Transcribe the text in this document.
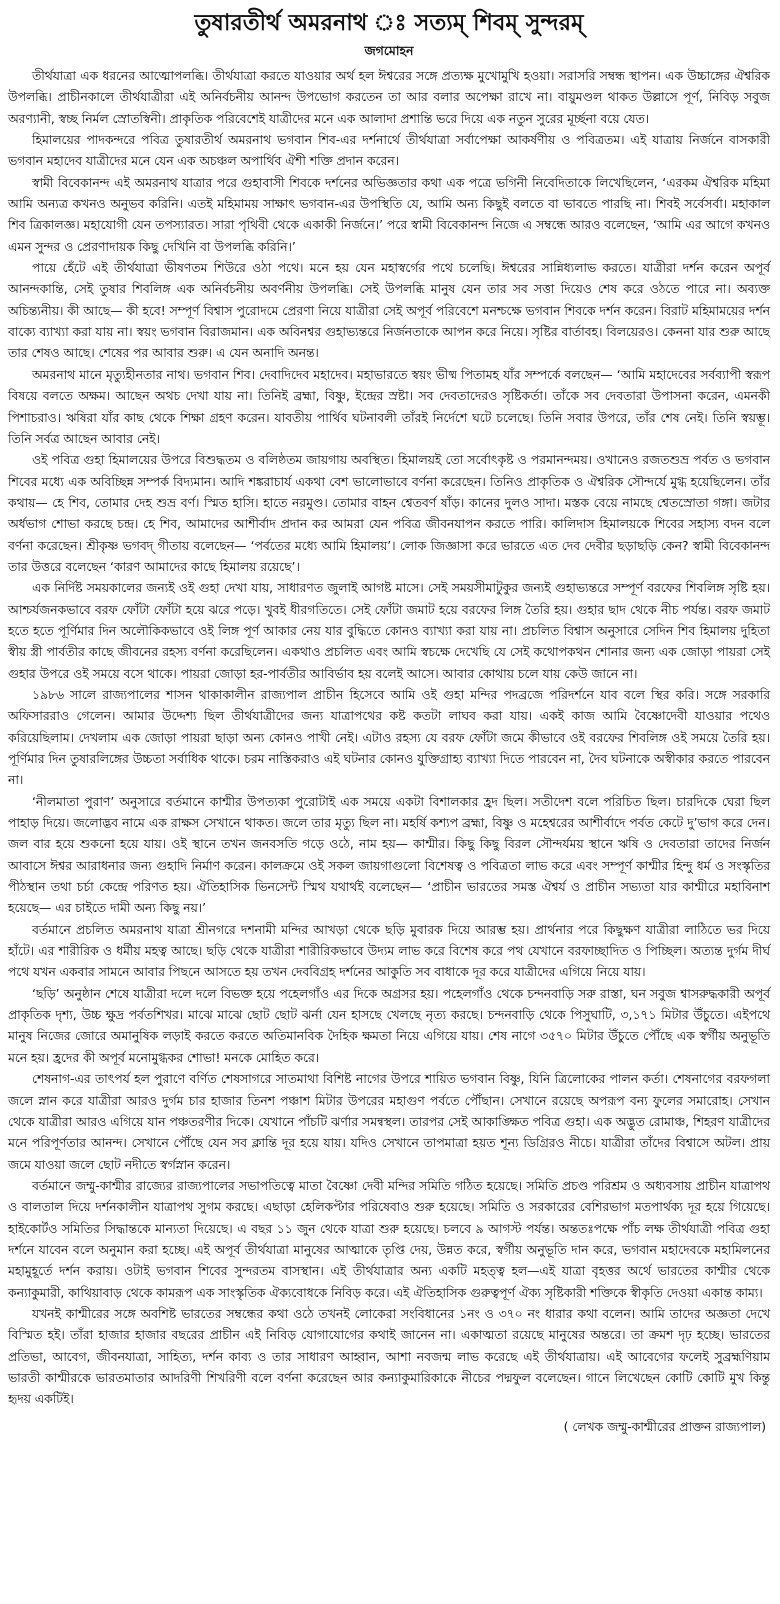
তুষারতীর্থ অমরনাথ ঃ সত্যম্ শিবম্ সুন্দরম্
জগমোহন

তীর্থযাত্রা এক ধরনের আত্মোপলব্ধি। তীর্থযাত্রা করতে যাওয়ার অর্থ হল ঈশ্বরের সঙ্গে প্রত্যক্ষ মুখোমুখি হওয়া। সরাসরি সম্বন্ধ স্থাপন। এক উচ্চাঙ্গের ঐশ্বরিক উপলব্ধি। প্রাচীনকালে তীর্থযাত্রীরা এই অনির্বচনীয় আনন্দ উপভোগ করতেন তা আর বলার অপেক্ষা রাখে না। বায়ুমণ্ডল থাকত উল্লাসে পূর্ণ, নিবিড় সবুজ অরণ্যানী, স্বচ্ছ নির্মল স্রোতস্বিনী। প্রাকৃতিক পরিবেশেই যাত্রীদের মনে এক আলাদা প্রশান্তি ভরে দিয়ে এক নতুন সুরের মূর্চ্ছনা বয়ে যেত।

হিমালয়ের পাদকন্দরে পবিত্র তুষারতীর্থ অমরনাথ ভগবান শিব-এর দর্শনার্থে তীর্থযাত্রা সর্বাপেক্ষা আকর্ষণীয় ও পবিত্রতম। এই যাত্রায় নির্জনে বাসকারী ভগবান মহাদেব যাত্রীদের মনে যেন এক অচঞ্চল অপার্থিব ঐশী শক্তি প্রদান করেন।

স্বামী বিবেকানন্দ এই অমরনাথ যাত্রার পরে গুহাবাসী শিবকে দর্শনের অভিজ্ঞতার কথা এক পত্রে ভগিনী নিবেদিতাকে লিখেছিলেন, ‘এরকম ঐশ্বরিক মহিমা আমি অন্যত্র কখনও অনুভব করিনি। এতই মহিমাময় সাক্ষাৎ ভগবান-এর উপস্থিতি যে, আমি অন্য কিছুই বলতে বা ভাবতে পারছি না। শিবই সর্বেসর্বা। মহাকাল শিব ত্রিকালজ্ঞ। মহাযোগী যেন তপস্যারত। সারা পৃথিবী থেকে একাকী নির্জনে।’ পরে স্বামী বিবেকানন্দ নিজে এ সম্বন্ধে আরও বলেছেন, ‘আমি এর আগে কখনও এমন সুন্দর ও প্রেরণাদায়ক কিছু দেখিনি বা উপলব্ধি করিনি।’

পায়ে হেঁটে এই তীর্থযাত্রা ভীষণতম শিউরে ওঠা পথে। মনে হয় যেন মহাস্বর্গের পথে চলেছি। ঈশ্বরের সান্নিধ্যলাভ করতে। যাত্রীরা দর্শন করেন অপূর্ব আনন্দকান্তি, সেই তুষার শিবলিঙ্গ এক অনির্বচনীয় অবর্ণনীয় উপলব্ধি। সেই উপলব্ধি মানুষ যেন তার সব সত্তা দিয়েও শেষ করে ওঠতে পারে না। অব্যক্ত অচিন্ত্যনীয়। কী আছে— কী হবে! সম্পূর্ণ বিশ্বাস পুরোদমে প্রেরণা নিয়ে যাত্রীরা সেই অপূর্ব পরিবেশে মনশ্চক্ষে ভগবান শিবকে দর্শন করেন। বিরাট মহিমাময়ের দর্শন বাক্যে ব্যাখ্যা করা যায় না। স্বয়ং ভগবান বিরাজমান। এক অবিনশ্বর গুহাভ্যন্তরে নির্জনতাকে আপন করে নিয়ে। সৃষ্টির বার্তাবহ। বিলয়েরও। কেননা যার শুরু আছে তার শেষও আছে। শেষের পর আবার শুরু। এ যেন অনাদি অনন্ত।

অমরনাথ মানে মৃত্যুহীনতার নাথ। ভগবান শিব। দেবাদিদেব মহাদেব। মহাভারতে স্বয়ং ভীষ্ম পিতামহ যাঁর সম্পর্কে বলছেন— ‘আমি মহাদেবের সর্বব্যাপী স্বরূপ বিষয়ে বলতে অক্ষম। আছেন অথচ দেখা যায় না। তিনিই ব্রহ্মা, বিষ্ণু, ইন্দ্রের স্রষ্টা। সব দেবতাদেরও সৃষ্টিকর্তা। তাঁকে সব দেবতারা উপাসনা করেন, এমনকী পিশাচরাও। ঋষিরা যাঁর কাছ থেকে শিক্ষা গ্রহণ করেন। যাবতীয় পার্থিব ঘটনাবলী তাঁরই নির্দেশে ঘটে চলেছে। তিনি সবার উপরে, তাঁর শেষ নেই। তিনি স্বয়ম্ভূ। তিনি সর্বত্র আছেন আবার নেই।

ওই পবিত্র গুহা হিমালয়ের উপরে বিশুদ্ধতম ও বলিষ্ঠতম জায়গায় অবস্থিত। হিমালয়ই তো সর্বোৎকৃষ্ট ও পরমানন্দময়। ওখানেও রজতশুভ্র পর্বত ও ভগবান শিবের মধ্যে এক অবিচ্ছিন্ন সম্পর্ক বিদ্যমান। আদি শঙ্করাচার্য একথা বেশ ভালোভাবে বর্ণনা করেছেন। তিনিও প্রাকৃতিক ও ঐশ্বরিক সৌন্দর্যে মুগ্ধ হয়েছিলেন। তাঁর কথায়— হে শিব, তোমার দেহ শুভ্র বর্ণ। স্মিত হাসি। হাতে নরমুণ্ড। তোমার বাহন শ্বেতবর্ণ ষাঁড়। কানের দুলও সাদা। মস্তক বেয়ে নামছে শ্বেতস্রোতা গঙ্গা। জটার অর্ধভাগ শোভা করছে চন্দ্র। হে শিব, আমাদের আশীর্বাদ প্রদান কর আমরা যেন পবিত্র জীবনযাপন করতে পারি। কালিদাস হিমালয়কে শিবের সহাস্য বদন বলে বর্ণনা করেছেন। শ্রীকৃষ্ণ ভগবদ্ গীতায় বলেছেন— ‘পর্বতের মধ্যে আমি হিমালয়’। লোক জিজ্ঞাসা করে ভারতে এত দেব দেবীর ছড়াছড়ি কেন? স্বামী বিবেকানন্দ তার উত্তরে বলেছেন ‘কারণ আমাদের কাছে হিমালয় রয়েছে’।

এক নির্দিষ্ট সময়কালের জন্যই ওই গুহা দেখা যায়, সাধারণত জুলাই আগষ্ট মাসে। সেই সময়সীমাটুকুর জন্যই গুহাভ্যন্তরে সম্পূর্ণ বরফের শিবলিঙ্গ সৃষ্টি হয়। আশ্চর্যজনকভাবে বরফ ফোঁটা ফোঁটা হয়ে ঝরে পড়ে। খুবই ধীরগতিতে। সেই ফোঁটা জমাট হয়ে বরফের লিঙ্গ তৈরি হয়। গুহার ছাদ থেকে নীচ পর্যন্ত। বরফ জমাট হতে হতে পূর্ণিমার দিন অলৌকিকভাবে ওই লিঙ্গ পূর্ণ আকার নেয় যার বুদ্ধিতে কোনও ব্যাখ্যা করা যায় না। প্রচলিত বিশ্বাস অনুসারে সেদিন শিব হিমালয় দুহিতা স্বীয় স্ত্রী পার্বতীর কাছে জীবনের রহস্য বর্ণনা করেছিলেন। একথাও প্রচলিত এবং আমি স্বচক্ষে দেখেছি যে সেই কথোপকথন শোনার জন্য এক জোড়া পায়রা সেই গুহার উপরে ওই সময়ে বসে থাকে। পায়রা জোড়া হর-পার্বতীর আবির্ভাব হয় বলেই আসে। আবার কোথায় চলে যায় কেউ জানে না।

১৯৮৬ সালে রাজ্যপালের শাসন থাকাকালীন রাজ্যপাল প্রাচীন হিসেবে আমি ওই গুহা মন্দির পদব্রজে পরিদর্শনে যাব বলে স্থির করি। সঙ্গে সরকারি অফিসাররাও গেলেন। আমার উদ্দেশ্য ছিল তীর্থযাত্রীদের জন্য যাত্রাপথের কষ্ট কতটা লাঘব করা যায়। একই কাজ আমি বৈষ্ণোদেবী যাওয়ার পথেও করিয়েছিলাম। দেখলাম এক জোড়া পায়রা ছাড়া অন্য কোনও পাখী নেই। এটাও রহস্য যে বরফ ফোঁটা জমে কীভাবে ওই বরফের শিবলিঙ্গ ওই সময়ে তৈরি হয়। পূর্ণিমার দিন তুষারলিঙ্গের উচ্চতা সর্বাধিক থাকে। চরম নাস্তিকরাও এই ঘটনার কোনও যুক্তিগ্রাহ্য ব্যাখ্যা দিতে পারবেন না, দৈব ঘটনাকে অস্বীকার করতে পারবেন না।

‘নীলমাতা পুরাণ’ অনুসারে বর্তমানে কাশ্মীর উপত্যকা পুরোটাই এক সময়ে একটা বিশালকার হ্রদ ছিল। সতীদেশ বলে পরিচিত ছিল। চারদিকে ঘেরা ছিল পাহাড় দিয়ে। জলোদ্ভব নামে এক রাক্ষস সেখানে থাকত। জলে তার মৃত্যু ছিল না। মহর্ষি কশ্যপ ব্রহ্মা, বিষ্ণু ও মহেশ্বরের আশীর্বাদে পর্বত কেটে দু’ভাগ করে দেন। জল বার হয়ে শুকনো হয়ে যায়। ওই স্থানে তখন জনবসতি গড়ে ওঠে, নাম হয়— কাশ্মীর। কিছু কিছু বিরল সৌন্দর্যময় স্থানে ঋষি ও দেবতারা তাদের নির্জন আবাসে ঈশ্বর আরাধনার জন্য গুহাদি নির্মাণ করেন। কালক্রমে ওই সকল জায়গাগুলো বিশেষত্ব ও পবিত্রতা লাভ করে এবং সম্পূর্ণ কাশ্মীর হিন্দু ধর্ম ও সংস্কৃতির পীঠস্থান তথা চর্চা কেন্দ্রে পরিণত হয়। ঐতিহাসিক ভিনসেন্ট স্মিথ যথার্থই বলেছেন— ‘প্রাচীন ভারতের সমস্ত ঐশ্বর্য ও প্রাচীন সভ্যতা যার কাশ্মীরে মহাবিনাশ হয়েছে— এর চাইতে দামী অন্য কিছু নয়।’

বর্তমানে প্রচলিত অমরনাথ যাত্রা শ্রীনগরে দশনামী মন্দির আখড়া থেকে ছড়ি মুবারক দিয়ে আরম্ভ হয়। প্রার্থনার পরে কিছুক্ষণ যাত্রীরা লাঠিতে ভর দিয়ে হাঁটে। এর শারীরিক ও ধর্মীয় মহত্ব আছে। ছড়ি থেকে যাত্রীরা শারীরিকভাবে উদ্যম লাভ করে বিশেষ করে পথ যেখানে বরফাচ্ছাদিত ও পিচ্ছিল। অত্যন্ত দুর্গম দীর্ঘ পথে যখন একবার সামনে আবার পিছনে আসতে হয় তখন দেববিগ্রহ দর্শনের আকুতি সব বাধাকে দূর করে যাত্রীদের এগিয়ে নিয়ে যায়।

‘ছড়ি’ অনুষ্ঠান শেষে যাত্রীরা দলে দলে বিভক্ত হয়ে পহেলগাঁও এর দিকে অগ্রসর হয়। পহেলগাঁও থেকে চন্দনবাড়ি সরু রাস্তা, ঘন সবুজ শ্বাসরুদ্ধকারী অপূর্ব প্রাকৃতিক দৃশ্য, উচ্চ ক্ষুদ্র পর্বতশিখর। মাঝে মাঝে ছোট ছোট ঝর্না যেন হাসছে খেলছে নৃত্য করছে। চন্দনবাড়ি থেকে পিসুঘাটি, ৩,১৭১ মিটার উঁচুতে। এইপথে মানুষ নিজের জোরে অমানুষিক লড়াই করতে করতে অতিমানবিক দৈহিক ক্ষমতা নিয়ে এগিয়ে যায়। শেষ নাগে ৩৫৭০ মিটার উঁচুতে পৌঁছে এক স্বর্গীয় অনুভূতি মনে হয়। হ্রদের কী অপূর্ব মনোমুগ্ধকর শোভা! মনকে মোহিত করে।

শেষনাগ-এর তাৎপর্য হল পুরাণে বর্ণিত শেষসাগরে সাতমাথা বিশিষ্ট নাগের উপরে শায়িত ভগবান বিষ্ণু, যিনি ত্রিলোকের পালন কর্তা। শেষনাগের বরফগলা জলে স্নান করে যাত্রীরা আরও দুর্গম চার হাজার তিনশ পঞ্চাশ মিটার উপরের মহাগুণ পর্বতে পৌঁছান। সেখানে রয়েছে অপরূপ বন্য ফুলের সমারোহ। সেখান থেকে যাত্রীরা আরও এগিয়ে যান পঞ্চতরণীর দিকে। যেখানে পাঁচটি ঝর্ণার সমন্বস্থল। তারপর সেই আকাঙ্ক্ষিত পবিত্র গুহা। এক অদ্ভুত রোমাঞ্চ, শিহরণ যাত্রীদের মনে পরিপূর্ণতার আনন্দ। সেখানে পৌঁছে যেন সব ক্লান্তি দূর হয়ে যায়। যদিও সেখানে তাপমাত্রা হয়ত শূন্য ডিগ্রিরও নীচে। যাত্রীরা তাঁদের বিশ্বাসে অটল। প্রায় জমে যাওয়া জলে ছোট নদীতে স্বর্গস্নান করেন।

বর্তমানে জম্মু-কাশ্মীর রাজ্যের রাজ্যপালের সভাপতিত্বে মাতা বৈষ্ণো দেবী মন্দির সমিতি গঠিত হয়েছে। সমিতি প্রচণ্ড পরিশ্রম ও অধ্যবসায় প্রাচীন যাত্রাপথ ও বালতাল দিয়ে দর্শনকালীন যাত্রাপথ সুগম করছে। এছাড়া হেলিকপ্টার পরিষেবাও শুরু হয়েছে। সমিতি ও সরকারের বেশিরভাগ মতপার্থক্য দূর হয়ে গিয়েছে। হাইকোর্টও সমিতির সিদ্ধান্তকে মান্যতা দিয়েছে। এ বছর ১১ জুন থেকে যাত্রা শুরু হয়েছে। চলবে ৯ আগস্ট পর্যন্ত। অন্ততঃপক্ষে পাঁচ লক্ষ তীর্থযাত্রী পবিত্র গুহা দর্শনে যাবেন বলে অনুমান করা হচ্ছে। এই অপূর্ব তীর্থযাত্রা মানুষের আত্মাকে তৃপ্তি দেয়, উন্নত করে, স্বর্গীয় অনুভূতি দান করে, ভগবান মহাদেবকে মহামিলনের মহামুহূর্তে দর্শন করায়। ওটাই ভগবান শিবের সুন্দরতম বাসস্থান। এই তীর্থযাত্রার অন্য একটি মহত্ত্ব হল—এই যাত্রা বৃহত্তর অর্থে ভারতের কাশ্মীর থেকে কন্যাকুমারী, কাথিয়াবাড় থেকে কামরূপ এক সাংস্কৃতিক ঐক্যবোধকে নিবিড় করে। এই ঐতিহাসিক গুরুত্বপূর্ণ ঐক্য সৃষ্টিকারী শক্তিকে স্বীকৃতি দেওয়া একান্ত কাম্য।

যখনই কাশ্মীরের সঙ্গে অবশিষ্ট ভারতের সম্বন্ধের কথা ওঠে তখনই লোকেরা সংবিধানের ১নং ও ৩৭০ নং ধারার কথা বলেন। আমি তাদের অজ্ঞতা দেখে বিস্মিত হই। তাঁরা হাজার হাজার বছরের প্রাচীন এই নিবিড় যোগাযোগের কথাই জানেন না। একাত্মতা রয়েছে মানুষের অন্তরে। তা ক্রমশ দৃঢ় হচ্ছে। ভারতের প্রতিভা, আবেগ, জীবনযাত্রা, সাহিত্য, দর্শন কাব্য ও তার সাধারণ আহ্বান, আশা নবজন্ম লাভ করেছে এই তীর্থযাত্রায়। এই আবেগের ফলেই সুব্রহ্মণিয়াম ভারতী কাশ্মীরকে ভারতমাতার আদরিণী শিখরিণী বলে বর্ণনা করেছেন আর কন্যাকুমারিকাকে নীচের পদ্মফুল বলেছেন। গানে লিখেছেন কোটি কোটি মুখ কিন্তু হৃদয় একটিই।

( লেখক জম্মু-কাশ্মীরের প্রাক্তন রাজ্যপাল)
